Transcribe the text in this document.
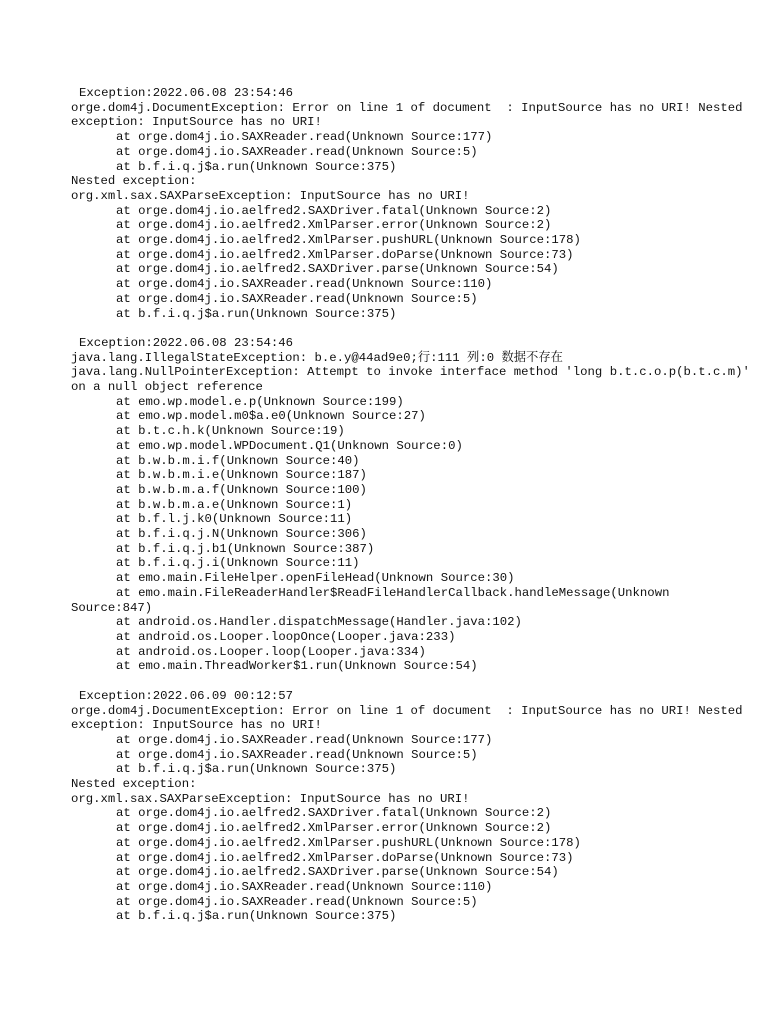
Exception:2022.06.08 23:54:46
orge.dom4j.DocumentException: Error on line 1 of document  : InputSource has no URI! Nested exception: InputSource has no URI!
at orge.dom4j.io.SAXReader.read(Unknown Source:177)
at orge.dom4j.io.SAXReader.read(Unknown Source:5)
at b.f.i.q.j$a.run(Unknown Source:375)
Nested exception:
org.xml.sax.SAXParseException: InputSource has no URI!
at orge.dom4j.io.aelfred2.SAXDriver.fatal(Unknown Source:2)
at orge.dom4j.io.aelfred2.XmlParser.error(Unknown Source:2)
at orge.dom4j.io.aelfred2.XmlParser.pushURL(Unknown Source:178)
at orge.dom4j.io.aelfred2.XmlParser.doParse(Unknown Source:73)
at orge.dom4j.io.aelfred2.SAXDriver.parse(Unknown Source:54)
at orge.dom4j.io.SAXReader.read(Unknown Source:110)
at orge.dom4j.io.SAXReader.read(Unknown Source:5)
at b.f.i.q.j$a.run(Unknown Source:375)
Exception:2022.06.08 23:54:46
java.lang.IllegalStateException: b.e.y@44ad9e0;行:111 列:0 数据不存在
java.lang.NullPointerException: Attempt to invoke interface method 'long b.t.c.o.p(b.t.c.m)' on a null object reference
at emo.wp.model.e.p(Unknown Source:199)
at emo.wp.model.m0$a.e0(Unknown Source:27)
at b.t.c.h.k(Unknown Source:19)
at emo.wp.model.WPDocument.Q1(Unknown Source:0)
at b.w.b.m.i.f(Unknown Source:40)
at b.w.b.m.i.e(Unknown Source:187)
at b.w.b.m.a.f(Unknown Source:100)
at b.w.b.m.a.e(Unknown Source:1)
at b.f.l.j.k0(Unknown Source:11)
at b.f.i.q.j.N(Unknown Source:306)
at b.f.i.q.j.b1(Unknown Source:387)
at b.f.i.q.j.i(Unknown Source:11)
at emo.main.FileHelper.openFileHead(Unknown Source:30)
at emo.main.FileReaderHandler$ReadFileHandlerCallback.handleMessage(Unknown
Source:847)
at android.os.Handler.dispatchMessage(Handler.java:102)
at android.os.Looper.loopOnce(Looper.java:233)
at android.os.Looper.loop(Looper.java:334)
at emo.main.ThreadWorker$1.run(Unknown Source:54)
Exception:2022.06.09 00:12:57
orge.dom4j.DocumentException: Error on line 1 of document  : InputSource has no URI! Nested exception: InputSource has no URI!
at orge.dom4j.io.SAXReader.read(Unknown Source:177)
at orge.dom4j.io.SAXReader.read(Unknown Source:5)
at b.f.i.q.j$a.run(Unknown Source:375)
Nested exception:
org.xml.sax.SAXParseException: InputSource has no URI!
at orge.dom4j.io.aelfred2.SAXDriver.fatal(Unknown Source:2)
at orge.dom4j.io.aelfred2.XmlParser.error(Unknown Source:2)
at orge.dom4j.io.aelfred2.XmlParser.pushURL(Unknown Source:178)
at orge.dom4j.io.aelfred2.XmlParser.doParse(Unknown Source:73)
at orge.dom4j.io.aelfred2.SAXDriver.parse(Unknown Source:54)
at orge.dom4j.io.SAXReader.read(Unknown Source:110)
at orge.dom4j.io.SAXReader.read(Unknown Source:5)
at b.f.i.q.j$a.run(Unknown Source:375)
